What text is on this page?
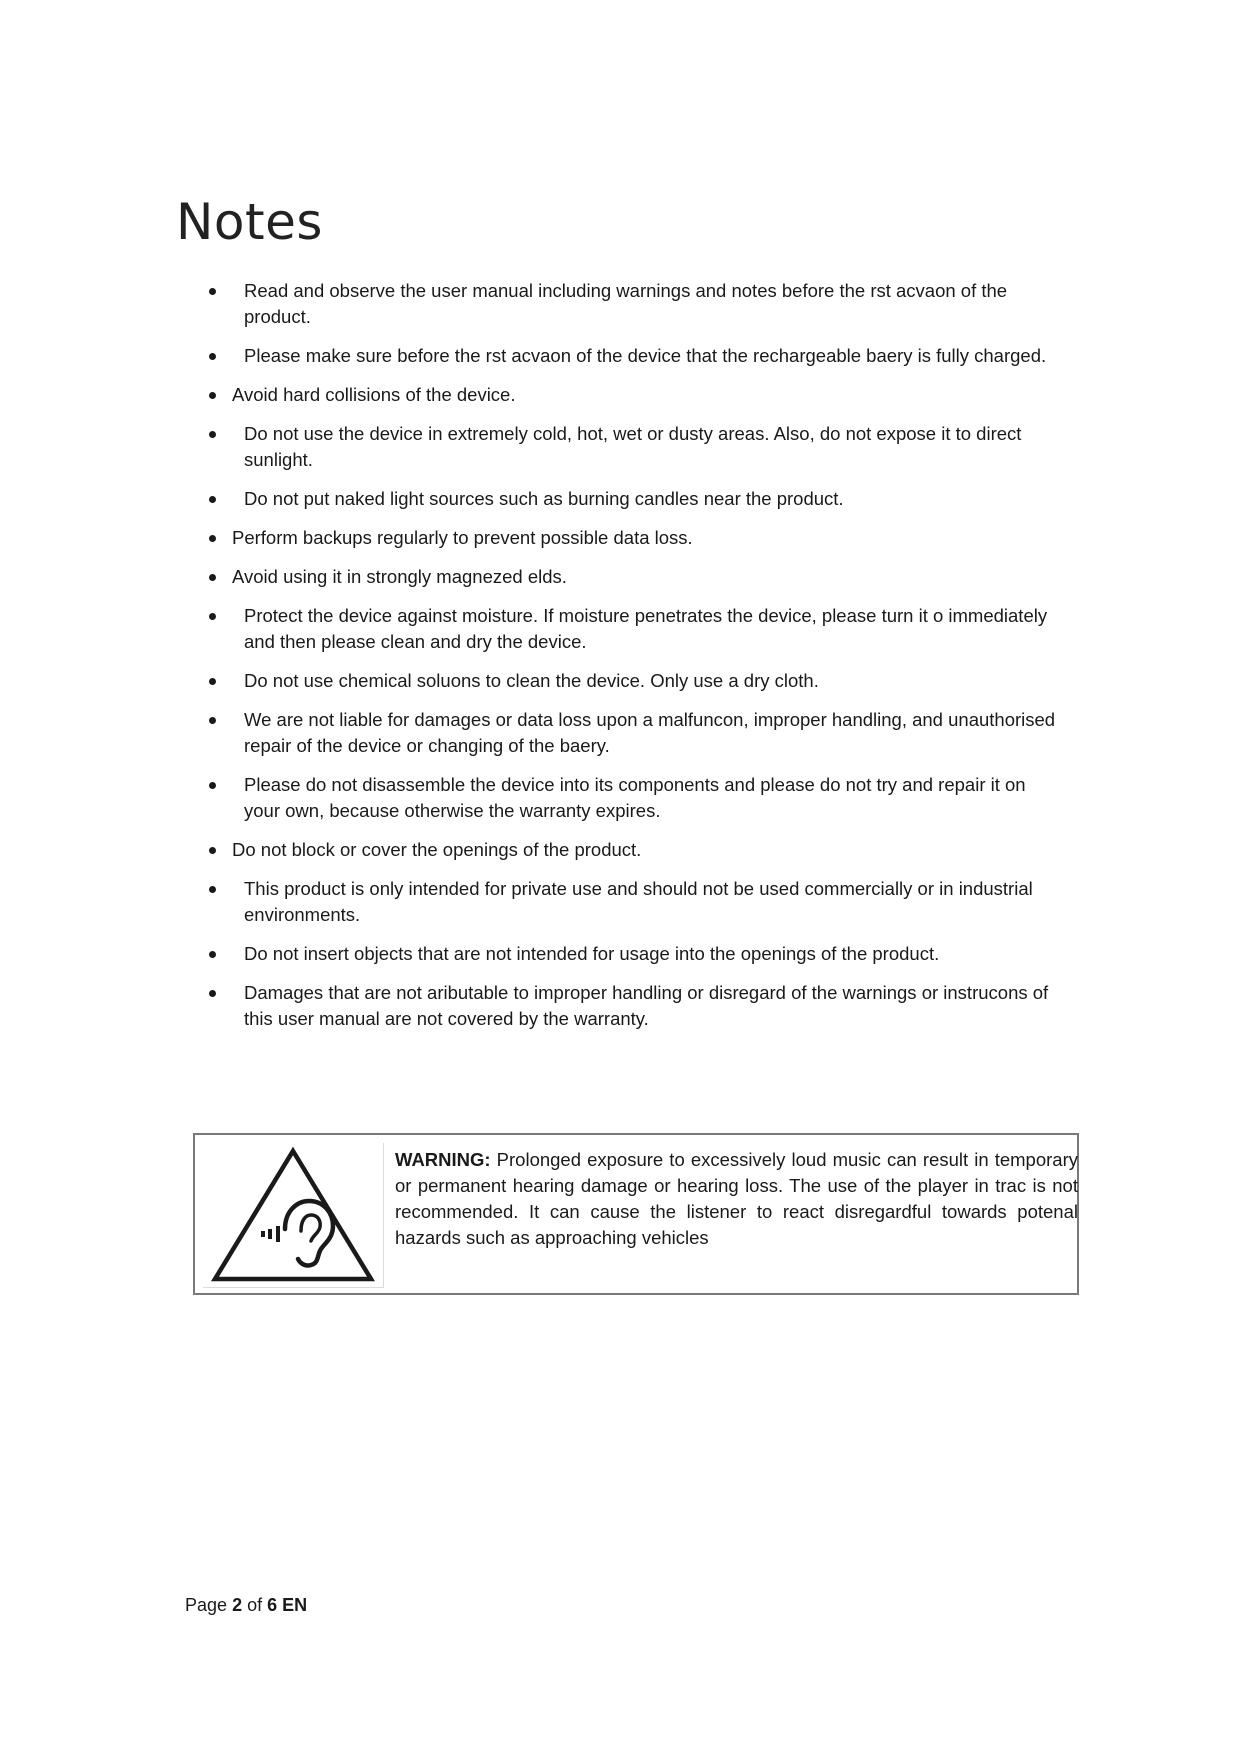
Notes
Read and observe the user manual including warnings and notes before the rst acvaon of the product.
Please make sure before the rst acvaon of the device that the rechargeable baery is fully charged.
Avoid hard collisions of the device.
Do not use the device in extremely cold, hot, wet or dusty areas. Also, do not expose it to direct sunlight.
Do not put naked light sources such as burning candles near the product.
Perform backups regularly to prevent possible data loss.
Avoid using it in strongly magnezed elds.
Protect the device against moisture. If moisture penetrates the device, please turn it o immediately and then please clean and dry the device.
Do not use chemical soluons to clean the device. Only use a dry cloth.
We are not liable for damages or data loss upon a malfuncon, improper handling, and unauthorised repair of the device or changing of the baery.
Please do not disassemble the device into its components and please do not try and repair it on your own, because otherwise the warranty expires.
Do not block or cover the openings of the product.
This product is only intended for private use and should not be used commercially or in industrial environments.
Do not insert objects that are not intended for usage into the openings of the product.
Damages that are not aributable to improper handling or disregard of the warnings or instrucons of this user manual are not covered by the warranty.
WARNING: Prolonged exposure to excessively loud music can result in temporary or permanent hearing damage or hearing loss. The use of the player in trac is not recommended. It can cause the listener to react disregardful towards potenal hazards such as approaching vehicles
Page 2 of 6 EN
